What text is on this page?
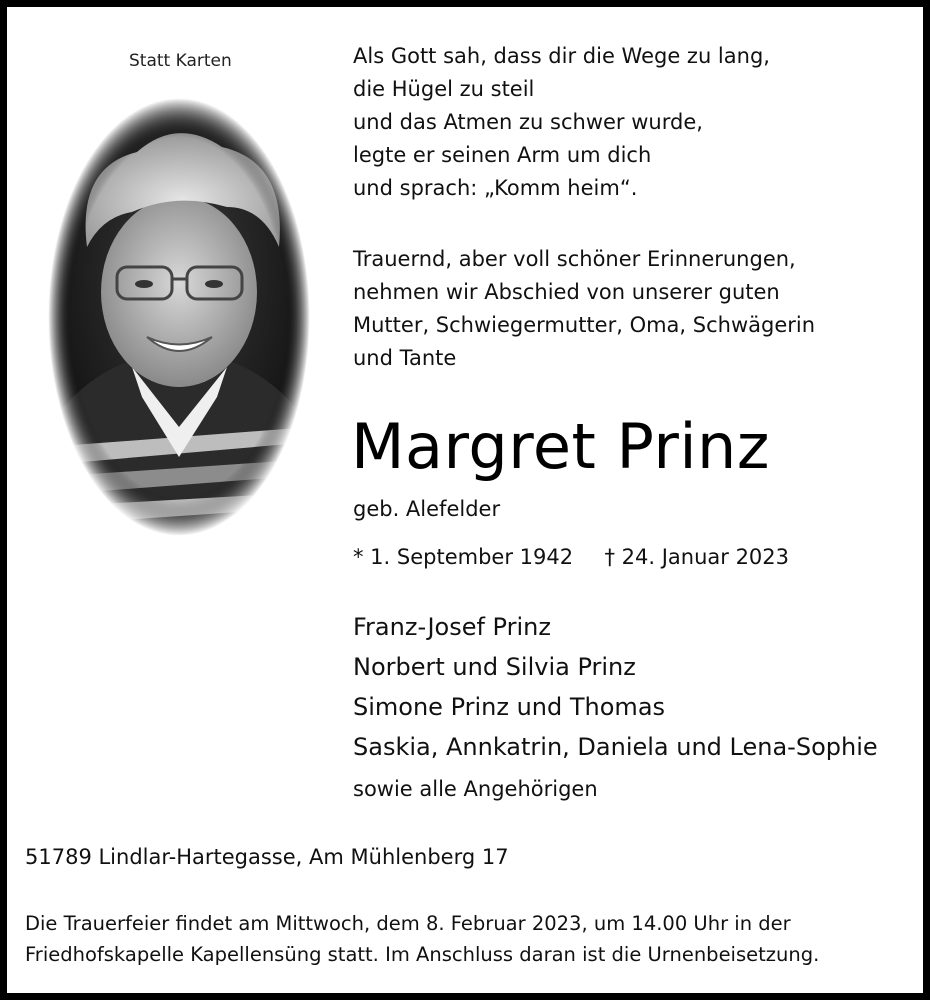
Statt Karten	Als Gott sah, dass dir die Wege zu lang,
die Hügel zu steil
und das Atmen zu schwer wurde,
legte er seinen Arm um dich
und sprach: „Komm heim“.
Trauernd, aber voll schöner Erinnerungen,
nehmen wir Abschied von unserer guten
Mutter, Schwiegermutter, Oma, Schwägerin
und Tante
Margret Prinz
geb. Alefelder
* 1. September 1942 † 24. Januar 2023
Franz-Josef Prinz
Norbert und Silvia Prinz
Simone Prinz und Thomas
Saskia, Annkatrin, Daniela und Lena-Sophie
sowie alle Angehörigen
51789 Lindlar-Hartegasse, Am Mühlenberg 17
Die Trauerfeier findet am Mittwoch, dem 8. Februar 2023, um 14.00 Uhr in der
Friedhofskapelle Kapellensüng statt. Im Anschluss daran ist die Urnenbeisetzung.
